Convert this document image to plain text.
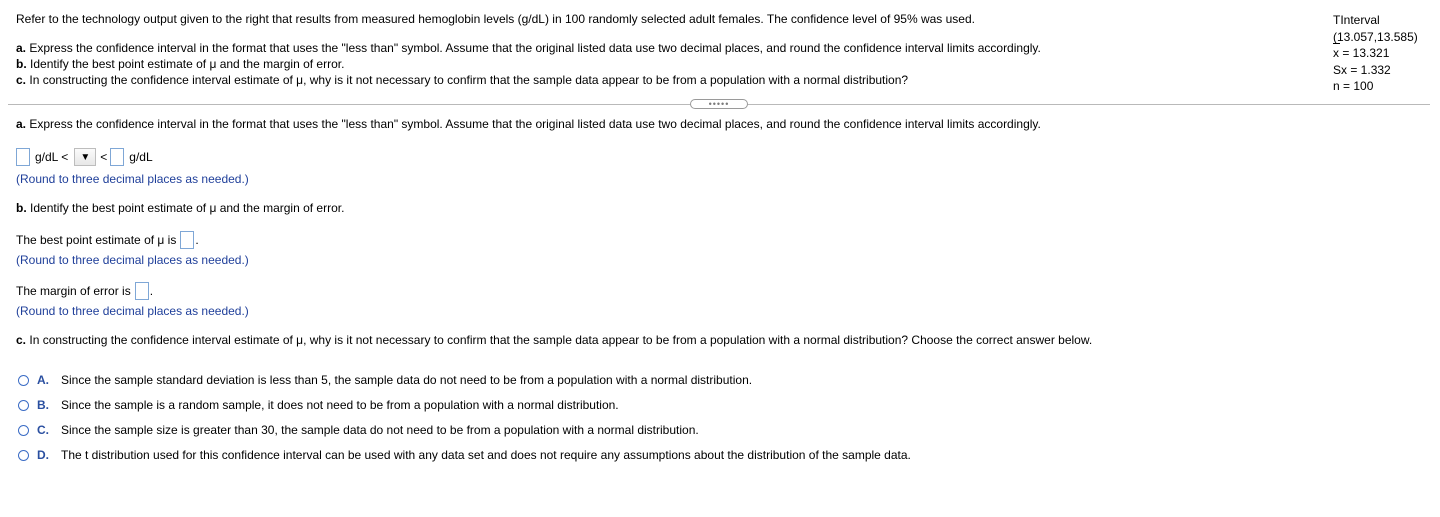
Refer to the technology output given to the right that results from measured hemoglobin levels (g/dL) in 100 randomly selected adult females. The confidence level of 95% was used.
a. Express the confidence interval in the format that uses the "less than" symbol. Assume that the original listed data use two decimal places, and round the confidence interval limits accordingly.
b. Identify the best point estimate of μ and the margin of error.
c. In constructing the confidence interval estimate of μ, why is it not necessary to confirm that the sample data appear to be from a population with a normal distribution?
TInterval
(13.057,13.585)
x = 13.321
Sx = 1.332
n = 100
•••••
a. Express the confidence interval in the format that uses the "less than" symbol. Assume that the original listed data use two decimal places, and round the confidence interval limits accordingly.
g/dL < ▼ < g/dL
(Round to three decimal places as needed.)
b. Identify the best point estimate of μ and the margin of error.
The best point estimate of μ is .
(Round to three decimal places as needed.)
The margin of error is .
(Round to three decimal places as needed.)
c. In constructing the confidence interval estimate of μ, why is it not necessary to confirm that the sample data appear to be from a population with a normal distribution? Choose the correct answer below.
A.	Since the sample standard deviation is less than 5, the sample data do not need to be from a population with a normal distribution.
B.	Since the sample is a random sample, it does not need to be from a population with a normal distribution.
C.	Since the sample size is greater than 30, the sample data do not need to be from a population with a normal distribution.
D.	The t distribution used for this confidence interval can be used with any data set and does not require any assumptions about the distribution of the sample data.
